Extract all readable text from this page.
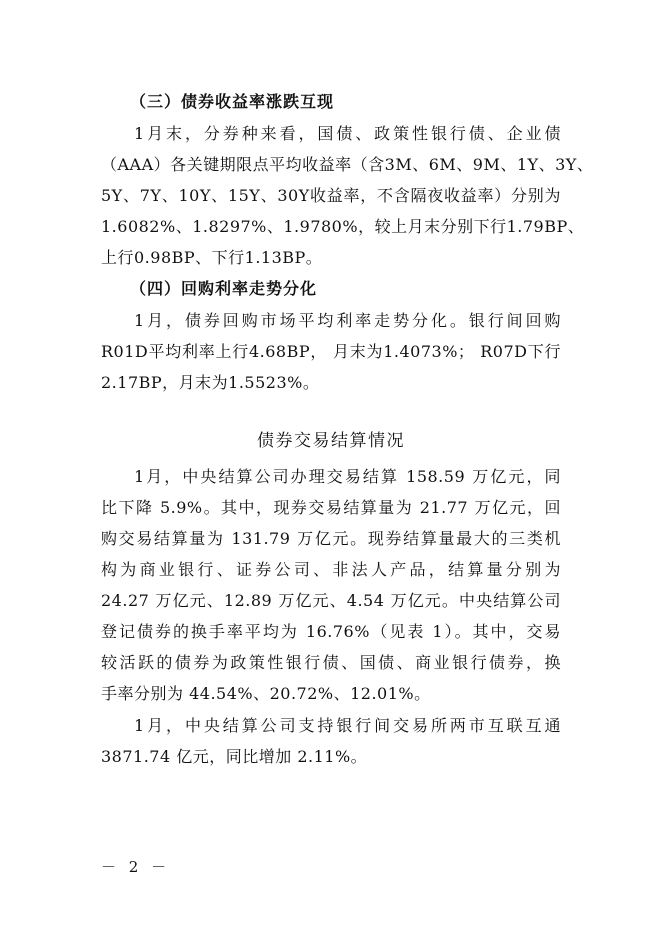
（三）债券收益率涨跌互现
1月末，分券种来看，国债、政策性银行债、企业债
（AAA）各关键期限点平均收益率（含3M、6M、9M、1Y、3Y、
5Y、7Y、10Y、15Y、30Y收益率，不含隔夜收益率）分别为
1.6082%、1.8297%、1.9780%，较上月末分别下行1.79BP、
上行0.98BP、下行1.13BP。
（四）回购利率走势分化
1月，债券回购市场平均利率走势分化。银行间回购
R01D平均利率上行4.68BP， 月末为1.4073%； R07D下行
2.17BP，月末为1.5523%。
债券交易结算情况
1月，中央结算公司办理交易结算 158.59 万亿元，同
比下降 5.9%。其中，现券交易结算量为 21.77 万亿元，回
购交易结算量为 131.79 万亿元。现券结算量最大的三类机
构为商业银行、证券公司、非法人产品，结算量分别为
24.27 万亿元、12.89 万亿元、4.54 万亿元。中央结算公司
登记债券的换手率平均为 16.76%（见表 1）。其中，交易
较活跃的债券为政策性银行债、国债、商业银行债券，换
手率分别为 44.54%、20.72%、12.01%。
1月，中央结算公司支持银行间交易所两市互联互通
3871.74 亿元，同比增加 2.11%。
－ 2 －
